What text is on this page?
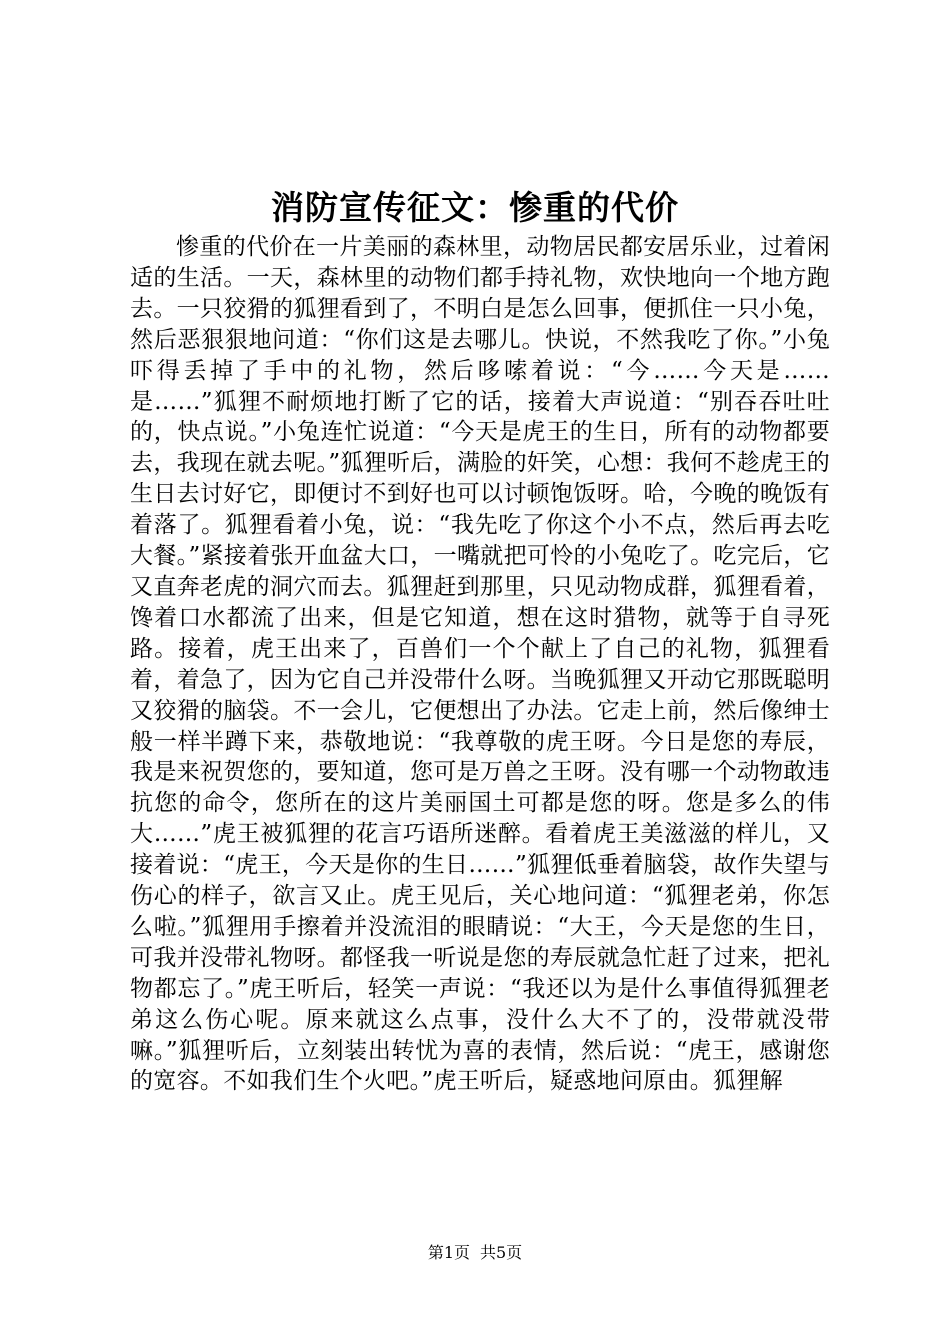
消防宣传征文：惨重的代价

惨重的代价在一片美丽的森林里，动物居民都安居乐业，过着闲适的生活。一天，森林里的动物们都手持礼物，欢快地向一个地方跑去。一只狡猾的狐狸看到了，不明白是怎么回事，便抓住一只小兔，然后恶狠狠地问道：“你们这是去哪儿。快说，不然我吃了你。”小兔吓得丢掉了手中的礼物，然后哆嗦着说：“今……今天是……是……”狐狸不耐烦地打断了它的话，接着大声说道：“别吞吞吐吐的，快点说。”小兔连忙说道：“今天是虎王的生日，所有的动物都要去，我现在就去呢。”狐狸听后，满脸的奸笑，心想：我何不趁虎王的生日去讨好它，即便讨不到好也可以讨顿饱饭呀。哈，今晚的晚饭有着落了。狐狸看着小兔，说：“我先吃了你这个小不点，然后再去吃大餐。”紧接着张开血盆大口，一嘴就把可怜的小兔吃了。吃完后，它又直奔老虎的洞穴而去。狐狸赶到那里，只见动物成群，狐狸看着，馋着口水都流了出来，但是它知道，想在这时猎物，就等于自寻死路。接着，虎王出来了，百兽们一个个献上了自己的礼物，狐狸看着，着急了，因为它自己并没带什么呀。当晚狐狸又开动它那既聪明又狡猾的脑袋。不一会儿，它便想出了办法。它走上前，然后像绅士般一样半蹲下来，恭敬地说：“我尊敬的虎王呀。今日是您的寿辰，我是来祝贺您的，要知道，您可是万兽之王呀。没有哪一个动物敢违抗您的命令，您所在的这片美丽国土可都是您的呀。您是多么的伟大……”虎王被狐狸的花言巧语所迷醉。看着虎王美滋滋的样儿，又接着说：“虎王，今天是你的生日……”狐狸低垂着脑袋，故作失望与伤心的样子，欲言又止。虎王见后，关心地问道：“狐狸老弟，你怎么啦。”狐狸用手擦着并没流泪的眼睛说：“大王，今天是您的生日，可我并没带礼物呀。都怪我一听说是您的寿辰就急忙赶了过来，把礼物都忘了。”虎王听后，轻笑一声说：“我还以为是什么事值得狐狸老弟这么伤心呢。原来就这么点事，没什么大不了的，没带就没带嘛。”狐狸听后，立刻装出转忧为喜的表情，然后说：“虎王，感谢您的宽容。不如我们生个火吧。”虎王听后，疑惑地问原由。狐狸解

第1页 共5页
